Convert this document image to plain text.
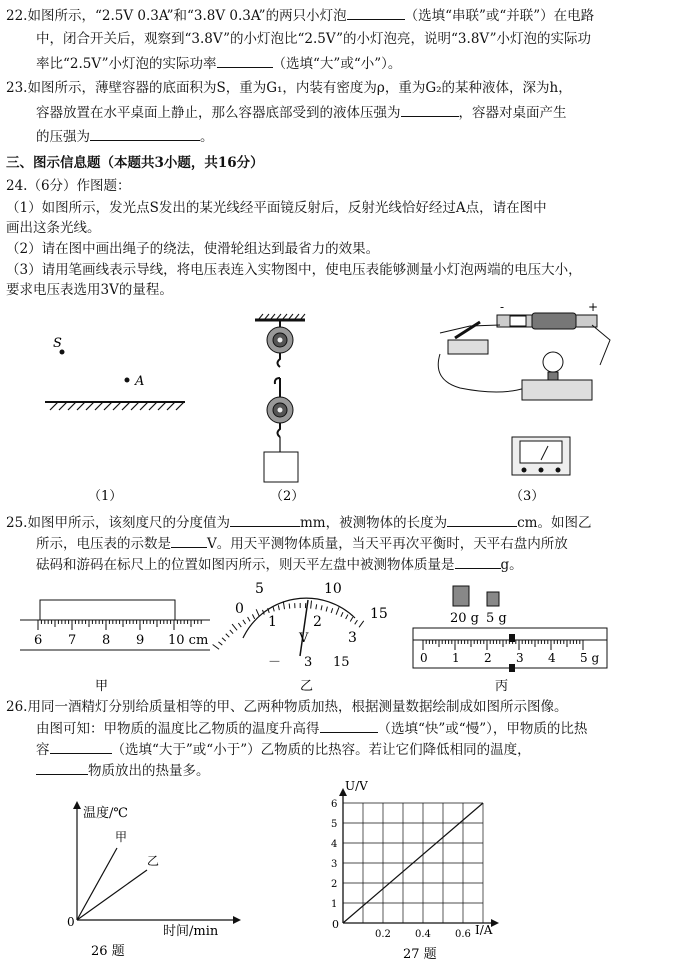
22.如图所示，“2.5V 0.3A”和“3.8V 0.3A”的两只小灯泡	（选填“串联”或“并联”）在电路
中，闭合开关后，观察到“3.8V”的小灯泡比“2.5V”的小灯泡亮，说明“3.8V”小灯泡的实际功
率比“2.5V”小灯泡的实际功率	（选填“大”或“小”）。
23.如图所示，薄壁容器的底面积为S，重为G₁，内装有密度为ρ，重为G₂的某种液体，深为h，
容器放置在水平桌面上静止，那么容器底部受到的液体压强为	，容器对桌面产生
的压强为	。
三、图示信息题（本题共3小题，共16分）
24.（6分）作图题：
（1）如图所示，发光点S发出的某光线经平面镜反射后，反射光线恰好经过A点，请在图中
画出这条光线。
（2）请在图中画出绳子的绕法，使滑轮组达到最省力的效果。
（3）请用笔画线表示导线，将电压表连入实物图中，使电压表能够测量小灯泡两端的电压大小，
要求电压表选用3V的量程。
S
A
-	+
（1）	（2）	（3）
25.如图甲所示，该刻度尺的分度值为	mm，被测物体的长度为	cm。如图乙
所示，电压表的示数是	V。用天平测物体质量，当天平再次平衡时，天平右盘内所放
砝码和游码在标尺上的位置如图丙所示，则天平左盘中被测物体质量是	g。
6 7 8 9 10 cm
5	10
15
0
1	2
3
V
－ 3 15
20 g 5 g
0 1 2 3 4 5 g
甲	乙	丙
26.用同一酒精灯分别给质量相等的甲、乙两种物质加热，根据测量数据绘制成如图所示图像。
由图可知：甲物质的温度比乙物质的温度升高得	（选填“快”或“慢”），甲物质的比热
容	（选填“大于”或“小于”）乙物质的比热容。若让它们降低相同的温度，
物质放出的热量多。
温度/℃
时间/min
0
甲
乙
26 题
1
2
3
4
5
6
0.2 0.4 0.6
U/V
I/A
0
27 题
